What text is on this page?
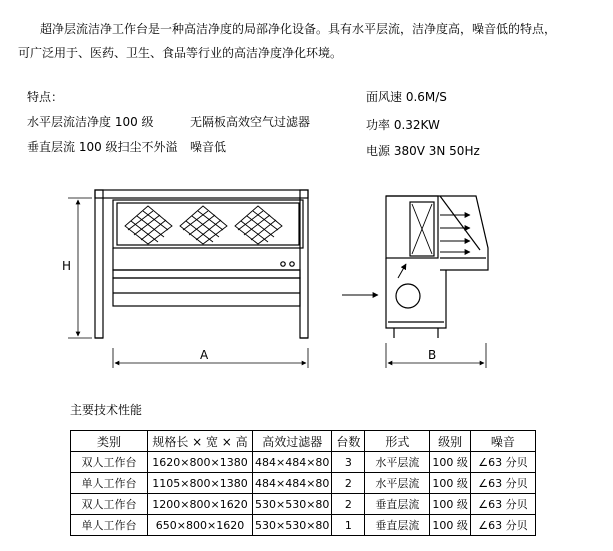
超净层流洁净工作台是一种高洁净度的局部净化设备。具有水平层流，洁净度高，噪音低的特点，
可广泛用于、医药、卫生、食品等行业的高洁净度净化环境。
特点：
水平层流洁净度 100 级	无隔板高效空气过滤器
垂直层流 100 级扫尘不外溢 噪音低
面风速 0.6M/S
功率 0.32KW
电源 380V 3N 50Hz
H
A	B
主要技术性能
类别	规格长 × 宽 × 高	高效过滤器	台数	形式	级别	噪音
双人工作台	1620×800×1380	484×484×80	3	水平层流	100 级	∠63 分贝
单人工作台	1105×800×1380	484×484×80	2	水平层流	100 级	∠63 分贝
双人工作台	1200×800×1620	530×530×80	2	垂直层流	100 级	∠63 分贝
单人工作台	650×800×1620	530×530×80	1	垂直层流	100 级	∠63 分贝
